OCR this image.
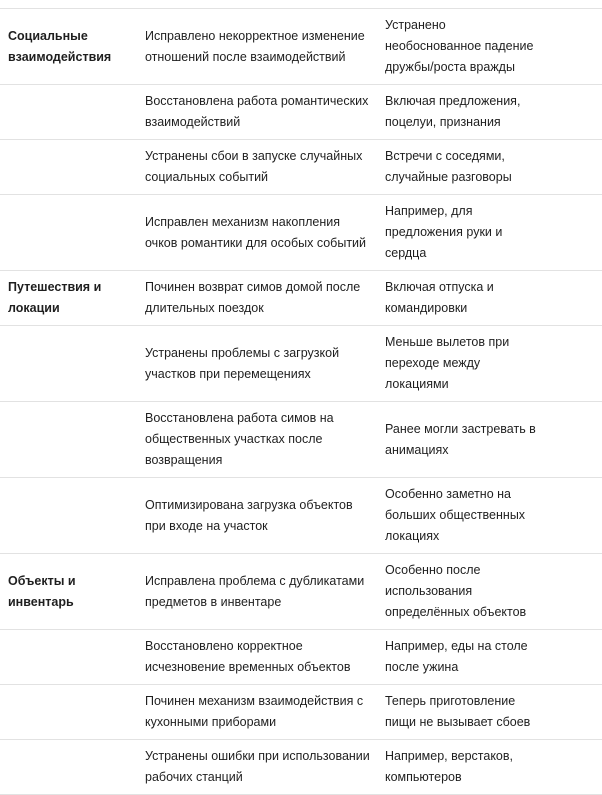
Социальные взаимодействия	Исправлено некорректное изменение отношений после взаимодействий	Устранено необоснованное падение дружбы/роста вражды

	Восстановлена работа романтических взаимодействий	Включая предложения, поцелуи, признания

	Устранены сбои в запуске случайных социальных событий	Встречи с соседями, случайные разговоры

	Исправлен механизм накопления очков романтики для особых событий	Например, для предложения руки и сердца

Путешествия и локации	Починен возврат симов домой после длительных поездок	Включая отпуска и командировки

	Устранены проблемы с загрузкой участков при перемещениях	Меньше вылетов при переходе между локациями

	Восстановлена работа симов на общественных участках после возвращения	Ранее могли застревать в анимациях

	Оптимизирована загрузка объектов при входе на участок	Особенно заметно на больших общественных локациях

Объекты и инвентарь	Исправлена проблема с дубликатами предметов в инвентаре	Особенно после использования определённых объектов

	Восстановлено корректное исчезновение временных объектов	Например, еды на столе после ужина

	Починен механизм взаимодействия с кухонными приборами	Теперь приготовление пищи не вызывает сбоев

	Устранены ошибки при использовании рабочих станций	Например, верстаков, компьютеров
